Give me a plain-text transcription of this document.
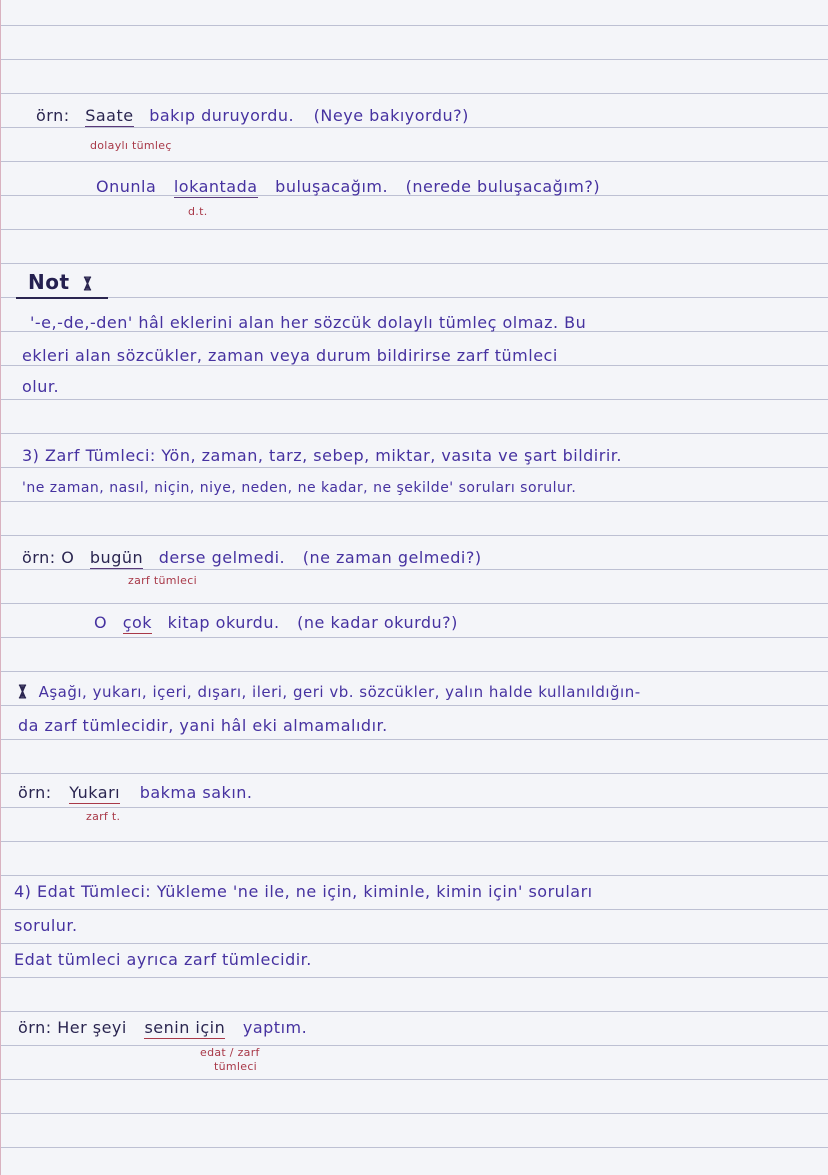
örn: Saate bakıp duruyordu. (Neye bakıyordu?)
dolaylı tümleç
Onunla lokantada buluşacağım. (nerede buluşacağım?)
d.t.
Not
'-e,-de,-den' hâl eklerini alan her sözcük dolaylı tümleç olmaz. Bu
ekleri alan sözcükler, zaman veya durum bildirirse zarf tümleci
olur.
3) Zarf Tümleci: Yön, zaman, tarz, sebep, miktar, vasıta ve şart bildirir.
'ne zaman, nasıl, niçin, niye, neden, ne kadar, ne şekilde' soruları sorulur.
örn: O bugün derse gelmedi. (ne zaman gelmedi?)
zarf tümleci
O çok kitap okurdu. (ne kadar okurdu?)
Aşağı, yukarı, içeri, dışarı, ileri, geri vb. sözcükler, yalın halde kullanıldığın-
da zarf tümlecidir, yani hâl eki almamalıdır.
örn: Yukarı bakma sakın.
zarf t.
4) Edat Tümleci: Yükleme 'ne ile, ne için, kiminle, kimin için' soruları
sorulur.
Edat tümleci ayrıca zarf tümlecidir.
örn: Her şeyi senin için yaptım.
edat / zarf
tümleci
